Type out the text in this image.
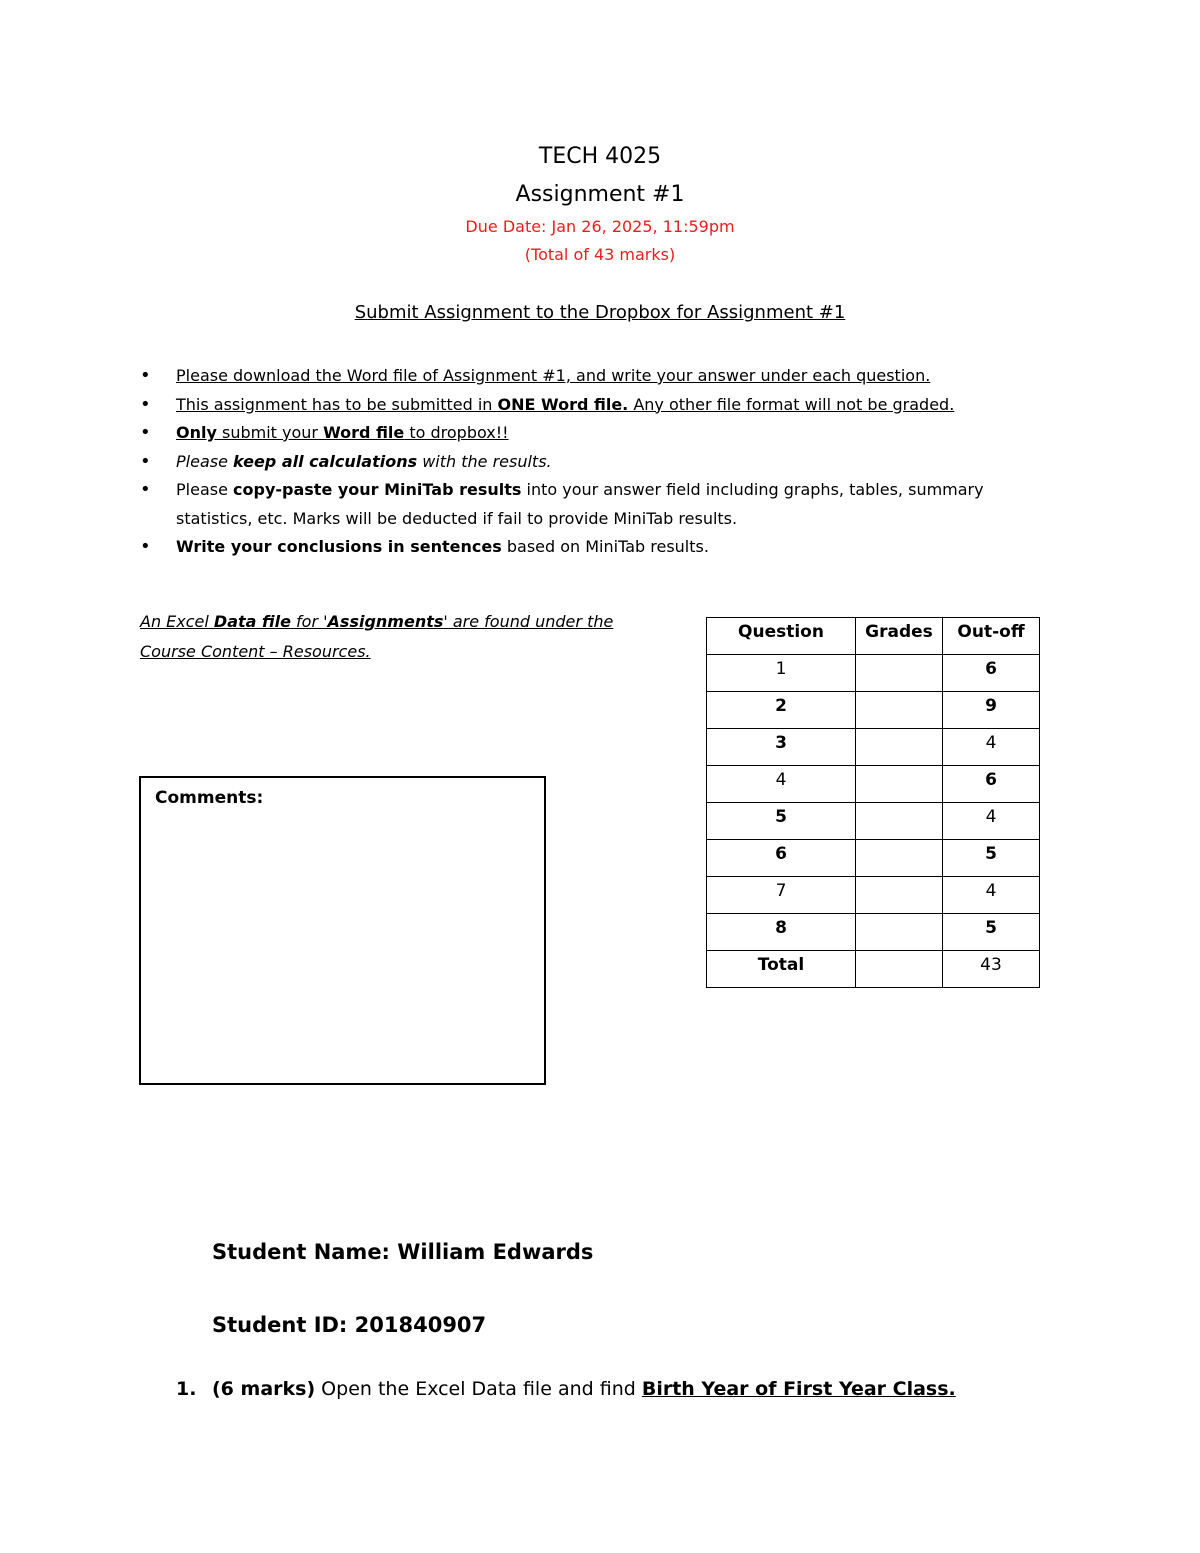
TECH 4025
Assignment #1
Due Date: Jan 26, 2025, 11:59pm
(Total of 43 marks)
Submit Assignment to the Dropbox for Assignment #1
• Please download the Word file of Assignment #1, and write your answer under each question.
• This assignment has to be submitted in ONE Word file. Any other file format will not be graded.
• Only submit your Word file to dropbox!!
• Please keep all calculations with the results.
• Please copy-paste your MiniTab results into your answer field including graphs, tables, summary statistics, etc. Marks will be deducted if fail to provide MiniTab results.
• Write your conclusions in sentences based on MiniTab results.
An Excel Data file for 'Assignments' are found under the Course Content – Resources.
Question	Grades	Out-off
1		6
2		9
3		4
4		6
5		4
6		5
7		4
8		5
Total		43
Comments:
Student Name: William Edwards
Student ID: 201840907
1. (6 marks) Open the Excel Data file and find Birth Year of First Year Class.
